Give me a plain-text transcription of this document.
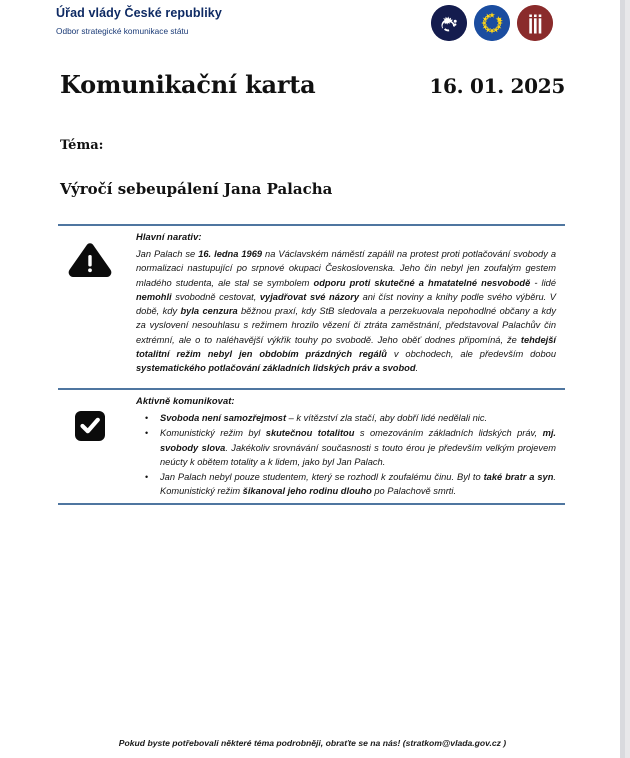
Úřad vlády České republiky
Odbor strategické komunikace státu
Komunikační karta	16. 01. 2025
Téma:
Výročí sebeupálení Jana Palacha
Hlavní narativ:

Jan Palach se 16. ledna 1969 na Václavském náměstí zapálil na protest proti potlačování svobody a normalizaci nastupující po srpnové okupaci Československa. Jeho čin nebyl jen zoufalým gestem mladého studenta, ale stal se symbolem odporu proti skutečné a hmatatelné nesvobodě - lidé nemohli svobodně cestovat, vyjadřovat své názory ani číst noviny a knihy podle svého výběru. V době, kdy byla cenzura běžnou praxí, kdy StB sledovala a perzekuovala nepohodlné občany a kdy za vyslovení nesouhlasu s režimem hrozilo vězení či ztráta zaměstnání, představoval Palachův čin extrémní, ale o to naléhavější výkřik touhy po svobodě. Jeho oběť dodnes připomíná, že tehdejší totalitní režim nebyl jen obdobím prázdných regálů v obchodech, ale především dobou systematického potlačování základních lidských práv a svobod.

Aktivně komunikovat:
• Svoboda není samozřejmost – k vítězství zla stačí, aby dobří lidé nedělali nic.
• Komunistický režim byl skutečnou totalitou s omezováním základních lidských práv, mj. svobody slova. Jakékoliv srovnávání současnosti s touto érou je především velkým projevem neúcty k obětem totality a k lidem, jako byl Jan Palach.
• Jan Palach nebyl pouze studentem, který se rozhodl k zoufalému činu. Byl to také bratr a syn. Komunistický režim šikanoval jeho rodinu dlouho po Palachově smrti.
Pokud byste potřebovali některé téma podrobněji, obraťte se na nás! (stratkom@vlada.gov.cz )
